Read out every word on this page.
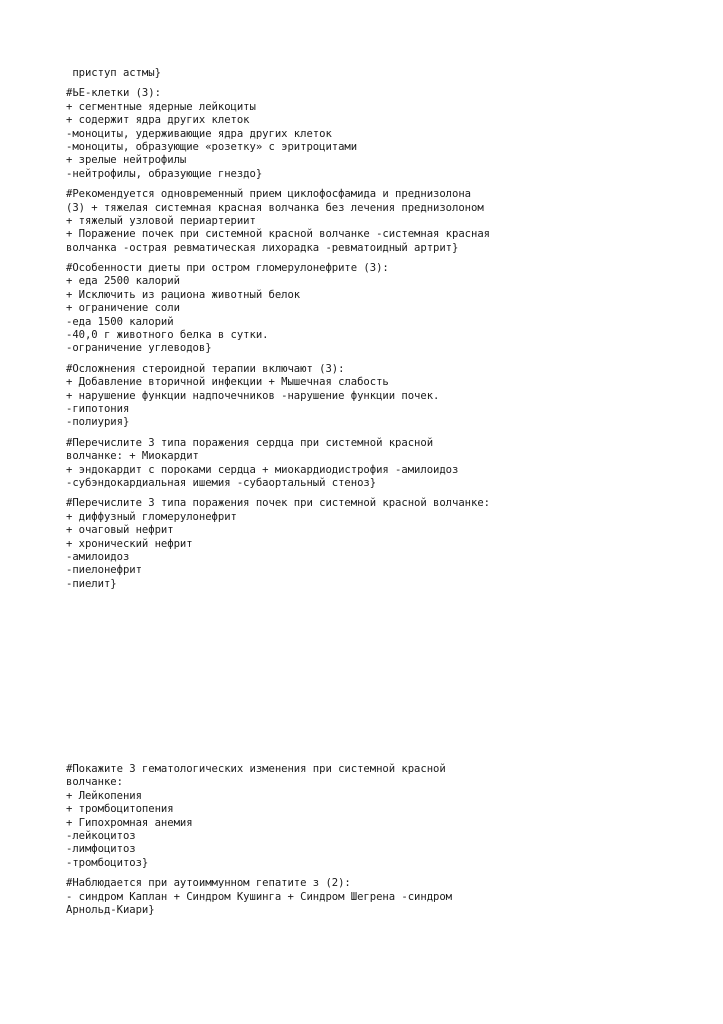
приступ астмы}
#ЬЕ-клетки (3):
+ сегментные ядерные лейкоциты
+ содержит ядра других клеток
-моноциты, удерживающие ядра других клеток
-моноциты, образующие «розетку» с эритроцитами
+ зрелые нейтрофилы
-нейтрофилы, образующие гнездо}
#Рекомендуется одновременный прием циклофосфамида и преднизолона
(3) + тяжелая системная красная волчанка без лечения преднизолоном
+ тяжелый узловой периартериит
+ Поражение почек при системной красной волчанке -системная красная
волчанка -острая ревматическая лихорадка -ревматоидный артрит}
#Особенности диеты при остром гломерулонефрите (3):
+ еда 2500 калорий
+ Исключить из рациона животный белок
+ ограничение соли
-еда 1500 калорий
-40,0 г животного белка в сутки.
-ограничение углеводов}
#Осложнения стероидной терапии включают (3):
+ Добавление вторичной инфекции + Мышечная слабость
+ нарушение функции надпочечников -нарушение функции почек.
-гипотония
-полиурия}
#Перечислите 3 типа поражения сердца при системной красной
волчанке: + Миокардит
+ эндокардит с пороками сердца + миокардиодистрофия -амилоидоз
-субэндокардиальная ишемия -субаортальный стеноз}
#Перечислите 3 типа поражения почек при системной красной волчанке:
+ диффузный гломерулонефрит
+ очаговый нефрит
+ хронический нефрит
-амилоидоз
-пиелонефрит
-пиелит}
#Покажите 3 гематологических изменения при системной красной
волчанке:
+ Лейкопения
+ тромбоцитопения
+ Гипохромная анемия
-лейкоцитоз
-лимфоцитоз
-тромбоцитоз}
#Наблюдается при аутоиммунном гепатите з (2):
- синдром Каплан + Синдром Кушинга + Синдром Шегрена -синдром
Арнольд-Киари}
